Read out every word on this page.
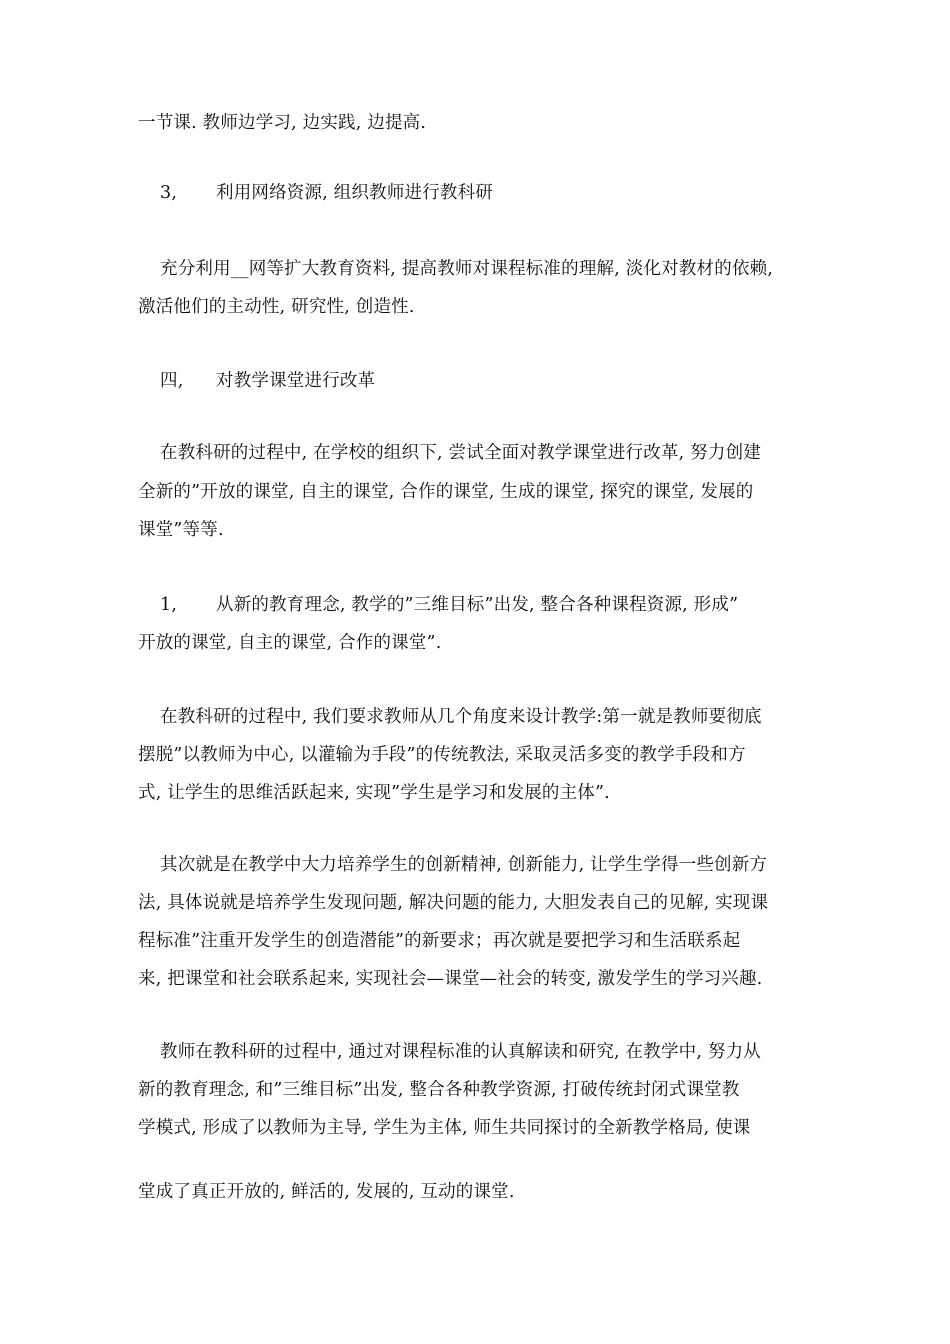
一节课. 教师边学习, 边实践, 边提高.
3, 利用网络资源, 组织教师进行教科研
充分利用__网等扩大教育资料, 提高教师对课程标准的理解, 淡化对教材的依赖,
激活他们的主动性, 研究性, 创造性.
四, 对教学课堂进行改革
在教科研的过程中, 在学校的组织下, 尝试全面对教学课堂进行改革, 努力创建
全新的”开放的课堂, 自主的课堂, 合作的课堂, 生成的课堂, 探究的课堂, 发展的
课堂”等等.
1, 从新的教育理念, 教学的”三维目标”出发, 整合各种课程资源, 形成”
开放的课堂, 自主的课堂, 合作的课堂”.
在教科研的过程中, 我们要求教师从几个角度来设计教学:第一就是教师要彻底
摆脱”以教师为中心, 以灌输为手段”的传统教法, 采取灵活多变的教学手段和方
式, 让学生的思维活跃起来, 实现”学生是学习和发展的主体”.
其次就是在教学中大力培养学生的创新精神, 创新能力, 让学生学得一些创新方
法, 具体说就是培养学生发现问题, 解决问题的能力, 大胆发表自己的见解, 实现课
程标准”注重开发学生的创造潜能”的新要求；再次就是要把学习和生活联系起
来, 把课堂和社会联系起来, 实现社会—课堂—社会的转变, 激发学生的学习兴趣.
教师在教科研的过程中, 通过对课程标准的认真解读和研究, 在教学中, 努力从
新的教育理念, 和”三维目标”出发, 整合各种教学资源, 打破传统封闭式课堂教
学模式, 形成了以教师为主导, 学生为主体, 师生共同探讨的全新教学格局, 使课
堂成了真正开放的, 鲜活的, 发展的, 互动的课堂.
